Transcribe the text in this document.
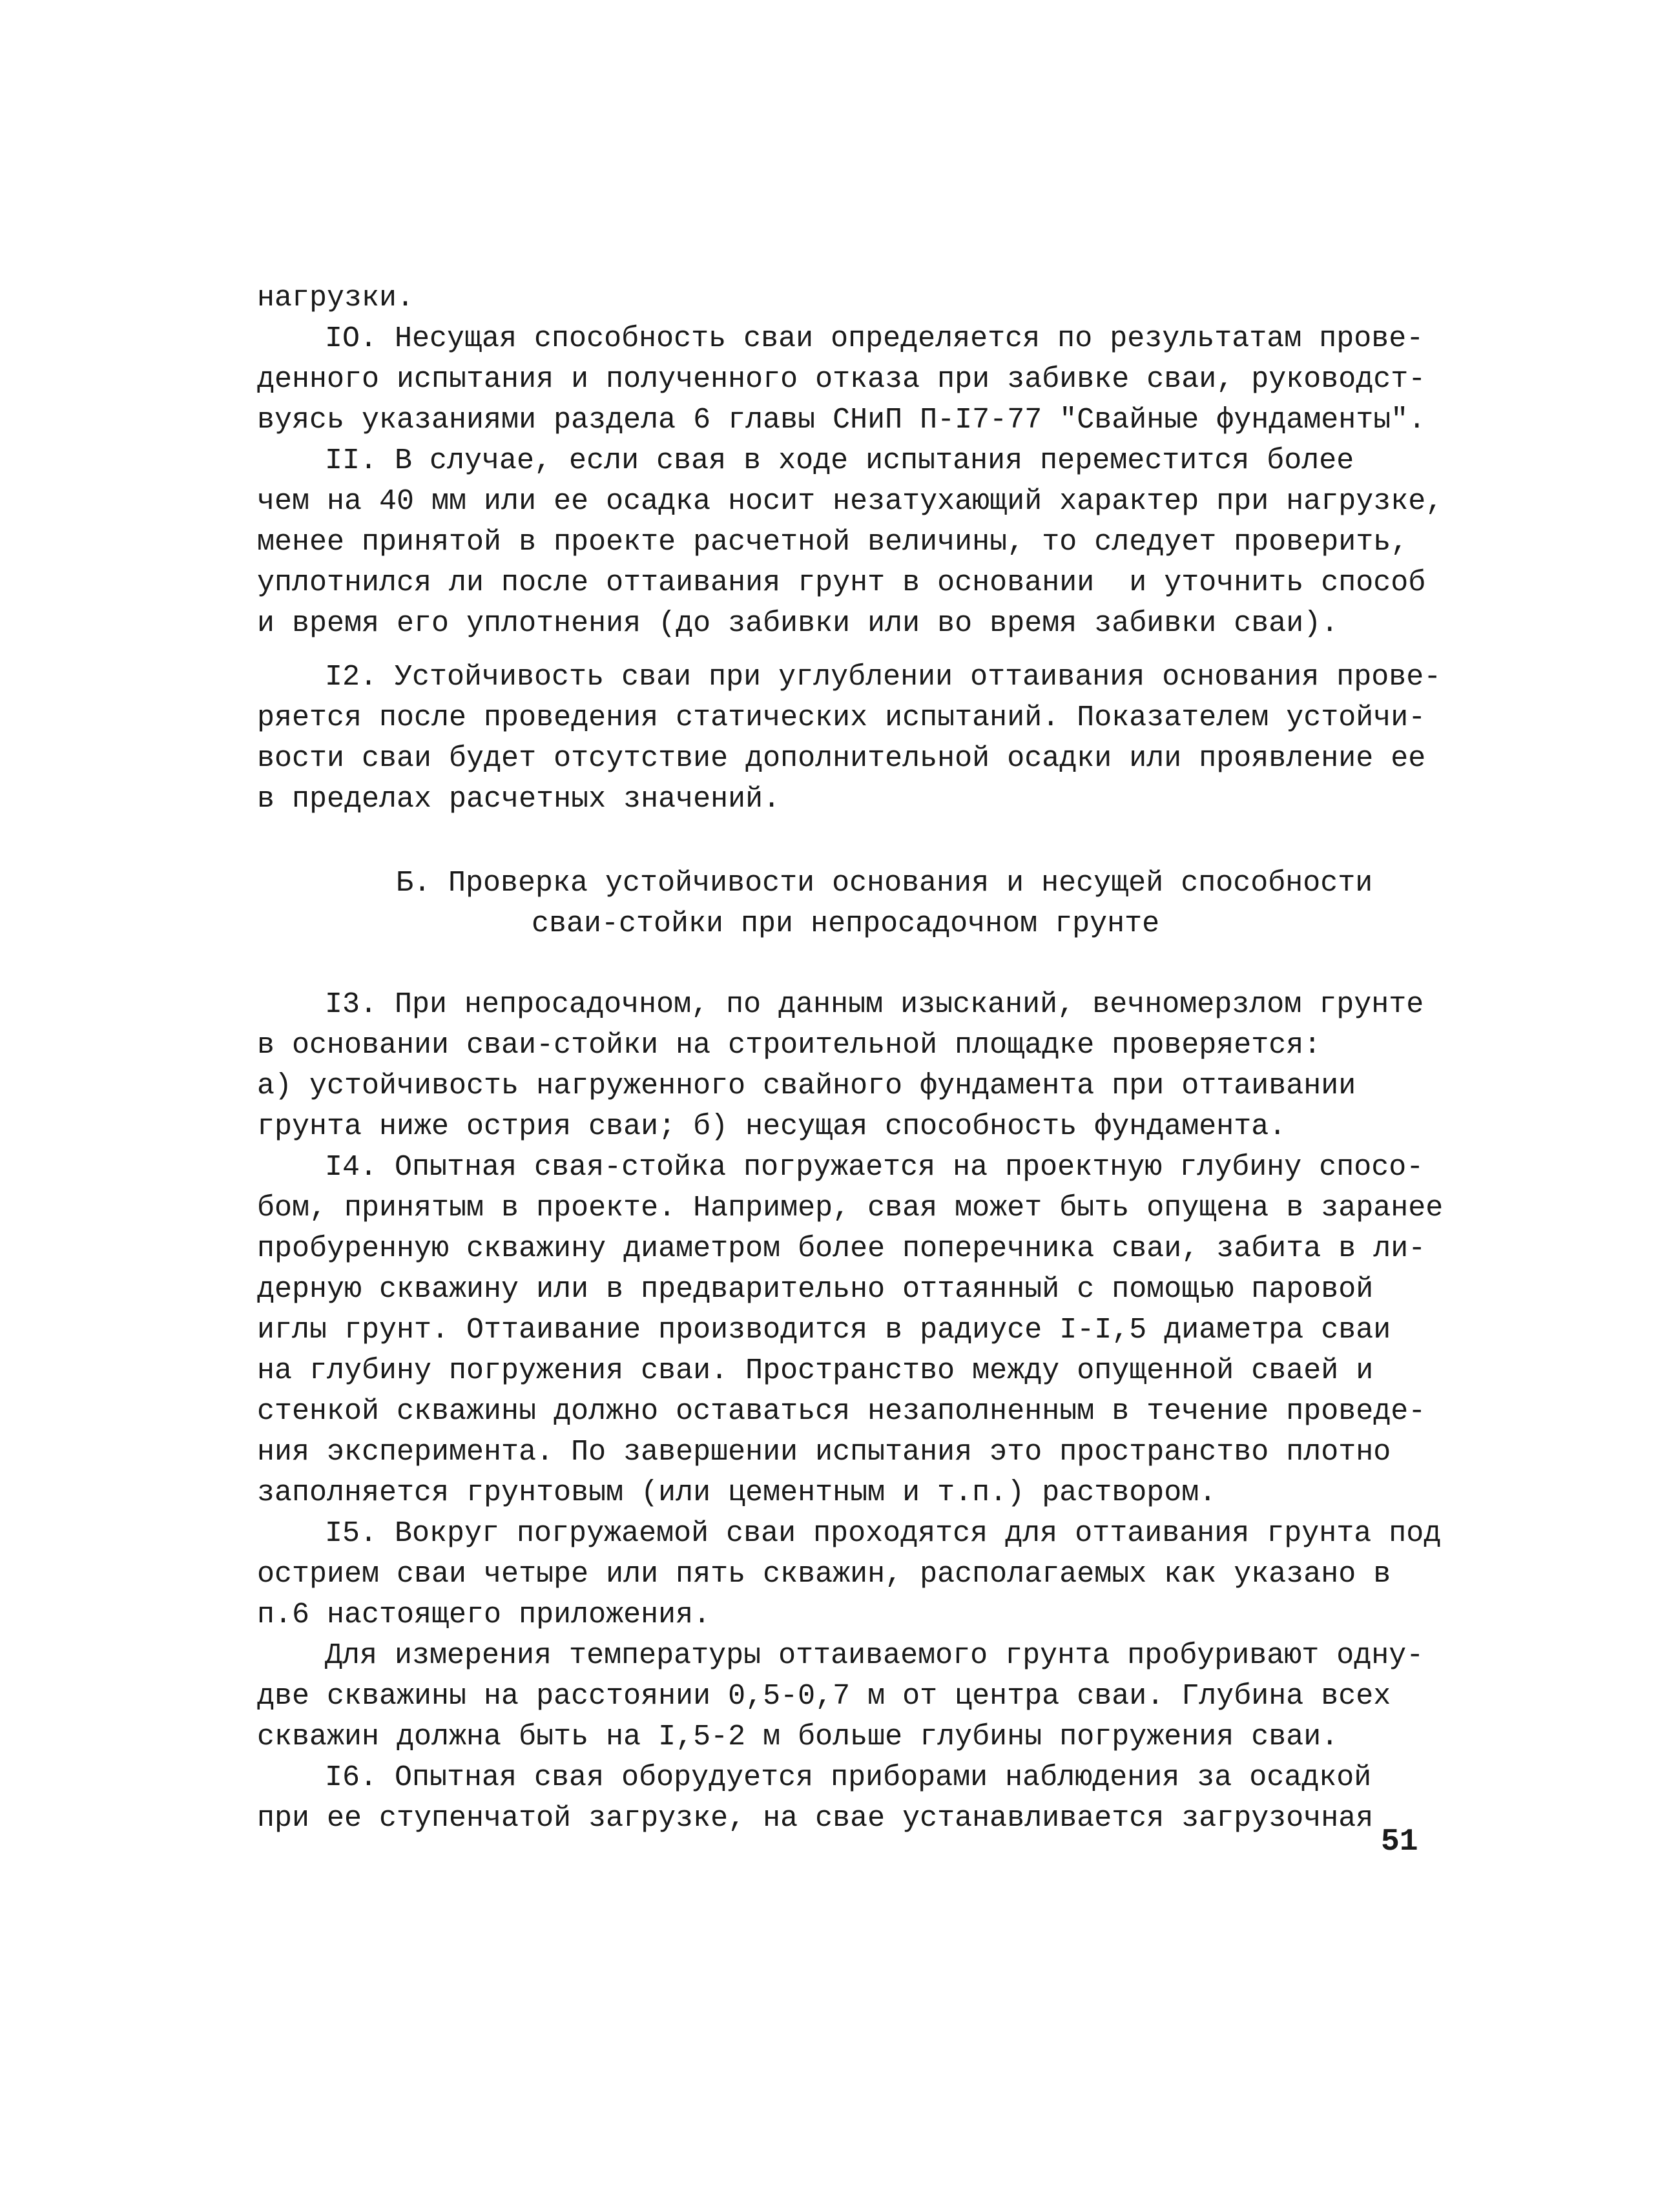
нагрузки.
IO. Несущая способность сваи определяется по результатам прове-
денного испытания и полученного отказа при забивке сваи, руководст-
вуясь указаниями раздела 6 главы СНиП П-I7-77 "Свайные фундаменты".
II. В случае, если свая в ходе испытания переместится более
чем на 40 мм или ее осадка носит незатухающий характер при нагрузке,
менее принятой в проекте расчетной величины, то следует проверить,
уплотнился ли после оттаивания грунт в основании  и уточнить способ
и время его уплотнения (до забивки или во время забивки сваи).
I2. Устойчивость сваи при углублении оттаивания основания прове-
ряется после проведения статических испытаний. Показателем устойчи-
вости сваи будет отсутствие дополнительной осадки или проявление ее
в пределах расчетных значений.
Б. Проверка устойчивости основания и несущей способности
сваи-стойки при непросадочном грунте
I3. При непросадочном, по данным изысканий, вечномерзлом грунте
в основании сваи-стойки на строительной площадке проверяется:
а) устойчивость нагруженного свайного фундамента при оттаивании
грунта ниже острия сваи; б) несущая способность фундамента.
I4. Опытная свая-стойка погружается на проектную глубину спосо-
бом, принятым в проекте. Например, свая может быть опущена в заранее
пробуренную скважину диаметром более поперечника сваи, забита в ли-
дерную скважину или в предварительно оттаянный с помощью паровой
иглы грунт. Оттаивание производится в радиусе I-I,5 диаметра сваи
на глубину погружения сваи. Пространство между опущенной сваей и
стенкой скважины должно оставаться незаполненным в течение проведе-
ния эксперимента. По завершении испытания это пространство плотно
заполняется грунтовым (или цементным и т.п.) раствором.
I5. Вокруг погружаемой сваи проходятся для оттаивания грунта под
острием сваи четыре или пять скважин, располагаемых как указано в
п.6 настоящего приложения.
Для измерения температуры оттаиваемого грунта пробуривают одну-
две скважины на расстоянии 0,5-0,7 м от центра сваи. Глубина всех
скважин должна быть на I,5-2 м больше глубины погружения сваи.
I6. Опытная свая оборудуется приборами наблюдения за осадкой
при ее ступенчатой загрузке, на сваe устанавливается загрузочная
51
